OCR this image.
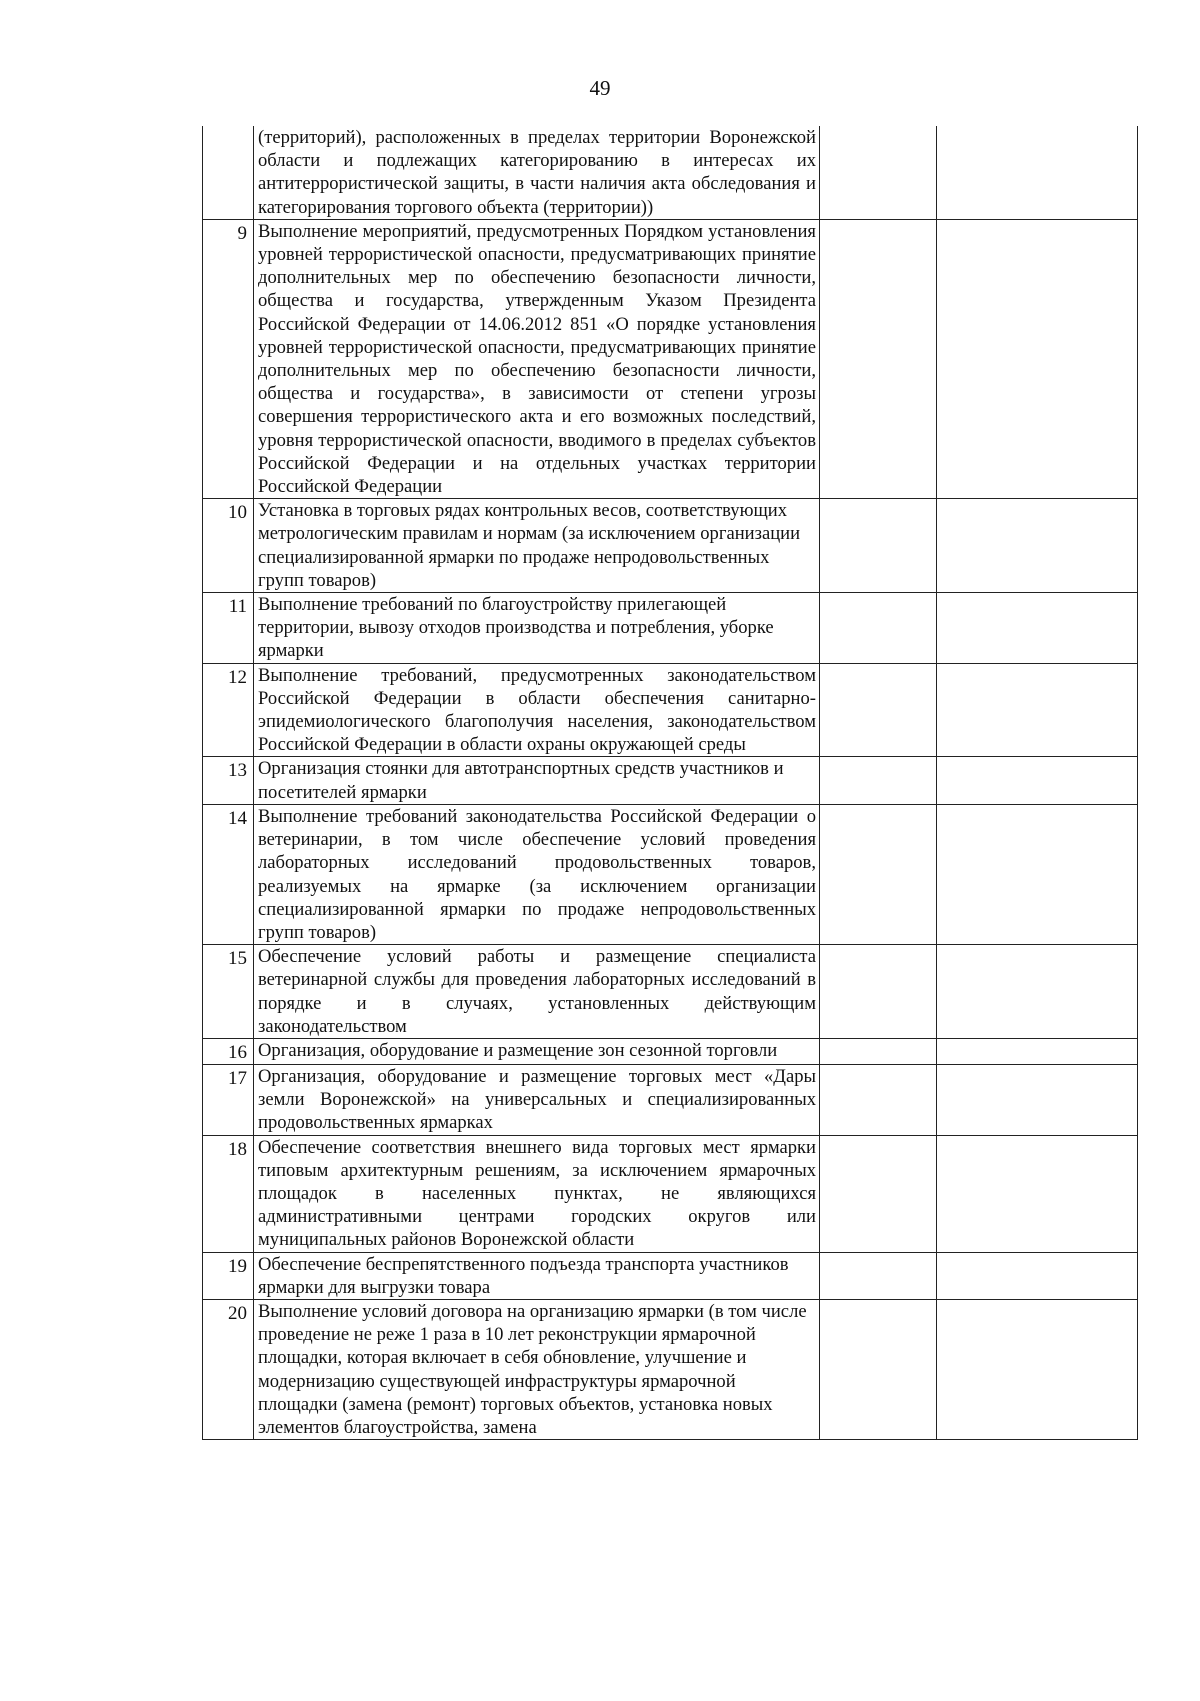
49

	(территорий), расположенных в пределах территории Воронежской области и подлежащих категорированию в интересах их антитеррористической защиты, в части наличия акта обследования и категорирования торгового объекта (территории))		

9	Выполнение мероприятий, предусмотренных Порядком установления уровней террористической опасности, предусматривающих принятие дополнительных мер по обеспечению безопасности личности, общества и государства, утвержденным Указом Президента Российской Федерации от 14.06.2012 851 «О порядке установления уровней террористической опасности, предусматривающих принятие дополнительных мер по обеспечению безопасности личности, общества и государства», в зависимости от степени угрозы совершения террористического акта и его возможных последствий, уровня террористической опасности, вводимого в пределах субъектов Российской Федерации и на отдельных участках территории Российской Федерации		

10	Установка в торговых рядах контрольных весов, соответствующих метрологическим правилам и нормам (за исключением организации специализированной ярмарки по продаже непродовольственных групп товаров)		

11	Выполнение требований по благоустройству прилегающей территории, вывозу отходов производства и потребления, уборке ярмарки		

12	Выполнение требований, предусмотренных законодательством Российской Федерации в области обеспечения санитарно-эпидемиологического благополучия населения, законодательством Российской Федерации в области охраны окружающей среды		

13	Организация стоянки для автотранспортных средств участников и посетителей ярмарки		

14	Выполнение требований законодательства Российской Федерации о ветеринарии, в том числе обеспечение условий проведения лабораторных исследований продовольственных товаров, реализуемых на ярмарке (за исключением организации специализированной ярмарки по продаже непродовольственных групп товаров)		

15	Обеспечение условий работы и размещение специалиста ветеринарной службы для проведения лабораторных исследований в порядке и в случаях, установленных действующим законодательством		

16	Организация, оборудование и размещение зон сезонной торговли		

17	Организация, оборудование и размещение торговых мест «Дары земли Воронежской» на универсальных и специализированных продовольственных ярмарках		

18	Обеспечение соответствия внешнего вида торговых мест ярмарки типовым архитектурным решениям, за исключением ярмарочных площадок в населенных пунктах, не являющихся административными центрами городских округов или муниципальных районов Воронежской области		

19	Обеспечение беспрепятственного подъезда транспорта участников ярмарки для выгрузки товара		

20	Выполнение условий договора на организацию ярмарки (в том числе проведение не реже 1 раза в 10 лет реконструкции ярмарочной площадки, которая включает в себя обновление, улучшение и модернизацию существующей инфраструктуры ярмарочной площадки (замена (ремонт) торговых объектов, установка новых элементов благоустройства, замена		
